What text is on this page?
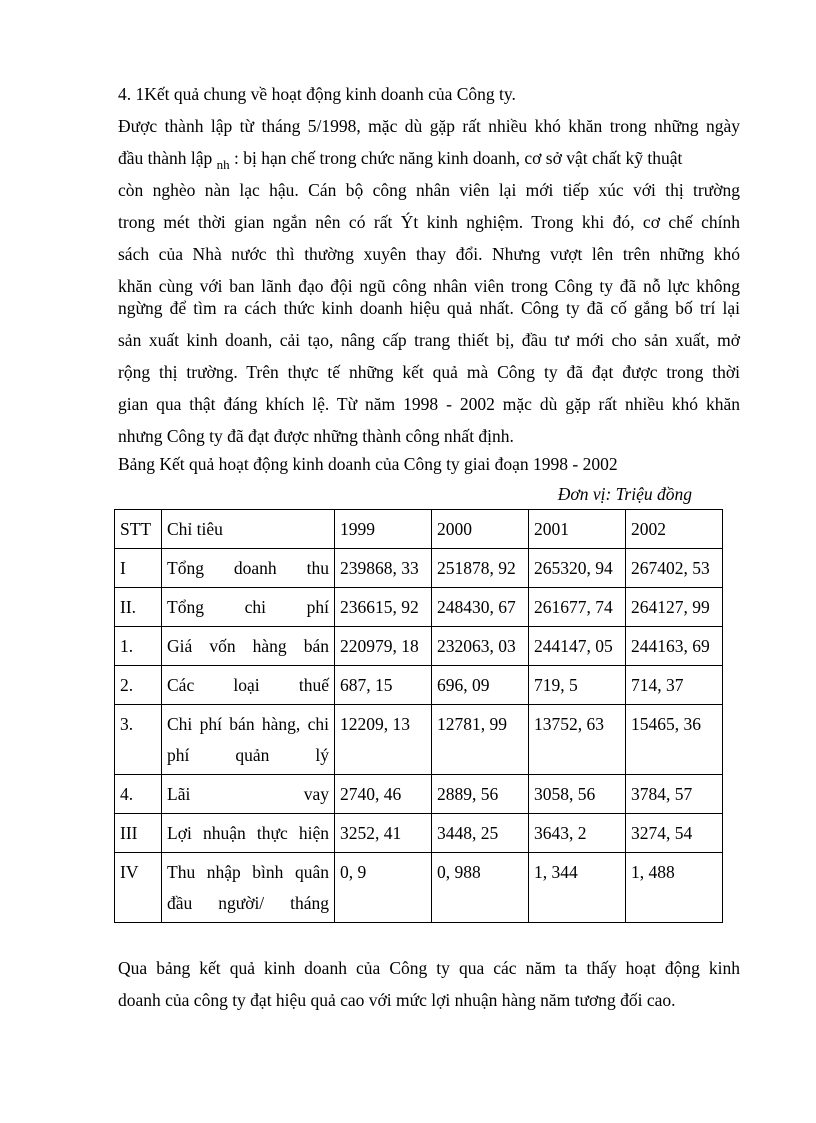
4. 1Kết quả chung về hoạt động kinh doanh của Công ty.
Được thành lập từ tháng 5/1998, mặc dù gặp rất nhiều khó khăn trong những ngày
đầu thành lập $_{nh}$ : bị hạn chế trong chức năng kinh doanh, cơ sở vật chất kỹ thuật
còn nghèo nàn lạc hậu. Cán bộ công nhân viên lại mới tiếp xúc với thị trường
trong mét thời gian ngắn nên có rất Ýt kinh nghiệm. Trong khi đó, cơ chế chính
sách của Nhà nước thì thường xuyên thay đổi. Nhưng vượt lên trên những khó
khăn cùng với ban lãnh đạo đội ngũ công nhân viên trong Công ty đã nỗ lực không
ngừng để tìm ra cách thức kinh doanh hiệu quả nhất. Công ty đã cố gắng bố trí lại
sản xuất kinh doanh, cải tạo, nâng cấp trang thiết bị, đầu tư mới cho sản xuất, mở
rộng thị trường. Trên thực tế những kết quả mà Công ty đã đạt được trong thời
gian qua thật đáng khích lệ. Từ năm 1998 - 2002 mặc dù gặp rất nhiều khó khăn
nhưng Công ty đã đạt được những thành công nhất định.
Bảng Kết quả hoạt động kinh doanh của Công ty giai đoạn 1998 - 2002
Đơn vị: Triệu đồng
STT	Chỉ tiêu	1999	2000	2001	2002
I	Tổng doanh thu	239868, 33	251878, 92	265320, 94	267402, 53
II.	Tổng chi phí	236615, 92	248430, 67	261677, 74	264127, 99
1.	Giá vốn hàng bán	220979, 18	232063, 03	244147, 05	244163, 69
2.	Các loại thuế	687, 15	696, 09	719, 5	714, 37
3.	Chi phí bán hàng, chi phí quản lý	12209, 13	12781, 99	13752, 63	15465, 36
4.	Lãi vay	2740, 46	2889, 56	3058, 56	3784, 57
III	Lợi nhuận thực hiện	3252, 41	3448, 25	3643, 2	3274, 54
IV	Thu nhập bình quân đầu người/ tháng	0, 9	0, 988	1, 344	1, 488
Qua bảng kết quả kinh doanh của Công ty qua các năm ta thấy hoạt động kinh
doanh của công ty đạt hiệu quả cao với mức lợi nhuận hàng năm tương đối cao.
